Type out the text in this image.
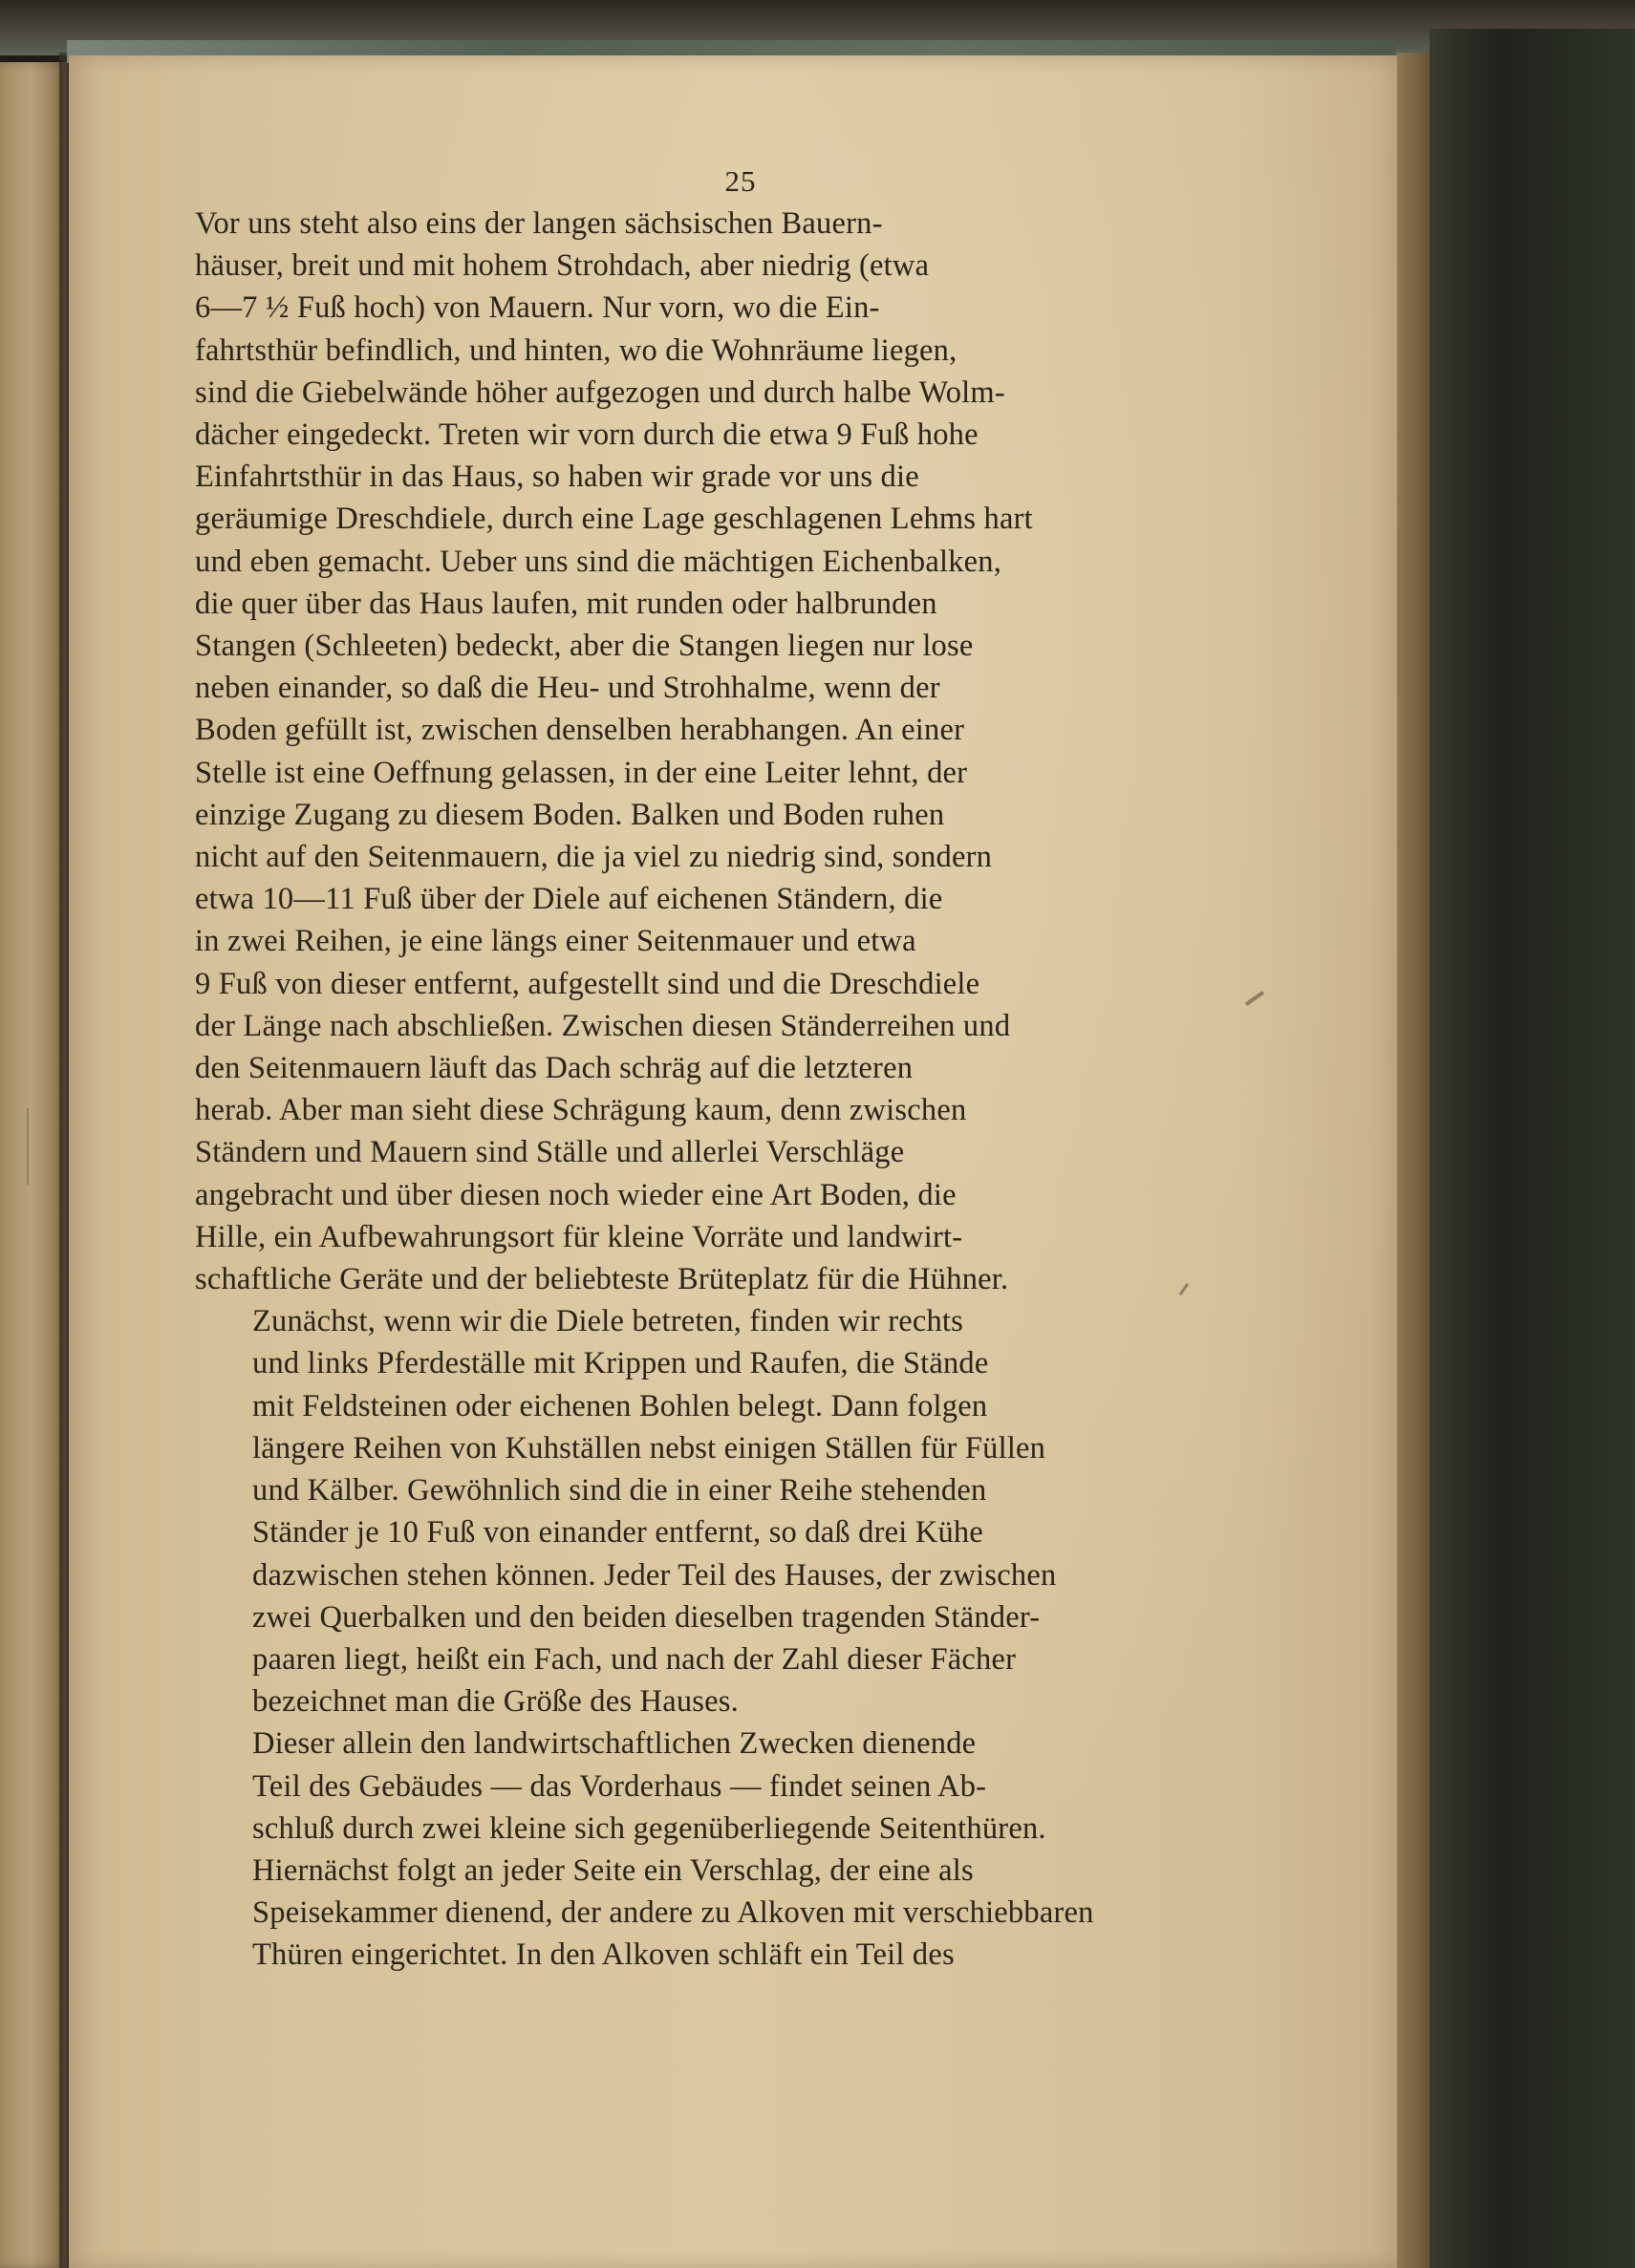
25

Vor uns steht also eins der langen sächsischen Bauern-
häuser, breit und mit hohem Strohdach, aber niedrig (etwa
6—7 ½ Fuß hoch) von Mauern. Nur vorn, wo die Ein-
fahrtsthür befindlich, und hinten, wo die Wohnräume liegen,
sind die Giebelwände höher aufgezogen und durch halbe Wolm-
dächer eingedeckt. Treten wir vorn durch die etwa 9 Fuß hohe
Einfahrtsthür in das Haus, so haben wir grade vor uns die
geräumige Dreschdiele, durch eine Lage geschlagenen Lehms hart
und eben gemacht. Ueber uns sind die mächtigen Eichenbalken,
die quer über das Haus laufen, mit runden oder halbrunden
Stangen (Schleeten) bedeckt, aber die Stangen liegen nur lose
neben einander, so daß die Heu- und Strohhalme, wenn der
Boden gefüllt ist, zwischen denselben herabhangen. An einer
Stelle ist eine Oeffnung gelassen, in der eine Leiter lehnt, der
einzige Zugang zu diesem Boden. Balken und Boden ruhen
nicht auf den Seitenmauern, die ja viel zu niedrig sind, sondern
etwa 10—11 Fuß über der Diele auf eichenen Ständern, die
in zwei Reihen, je eine längs einer Seitenmauer und etwa
9 Fuß von dieser entfernt, aufgestellt sind und die Dreschdiele
der Länge nach abschließen. Zwischen diesen Ständerreihen und
den Seitenmauern läuft das Dach schräg auf die letzteren
herab. Aber man sieht diese Schrägung kaum, denn zwischen
Ständern und Mauern sind Ställe und allerlei Verschläge
angebracht und über diesen noch wieder eine Art Boden, die
Hille, ein Aufbewahrungsort für kleine Vorräte und landwirt-
schaftliche Geräte und der beliebteste Brüteplatz für die Hühner.

Zunächst, wenn wir die Diele betreten, finden wir rechts
und links Pferdeställe mit Krippen und Raufen, die Stände
mit Feldsteinen oder eichenen Bohlen belegt. Dann folgen
längere Reihen von Kuhställen nebst einigen Ställen für Füllen
und Kälber. Gewöhnlich sind die in einer Reihe stehenden
Ständer je 10 Fuß von einander entfernt, so daß drei Kühe
dazwischen stehen können. Jeder Teil des Hauses, der zwischen
zwei Querbalken und den beiden dieselben tragenden Ständer-
paaren liegt, heißt ein Fach, und nach der Zahl dieser Fächer
bezeichnet man die Größe des Hauses.

Dieser allein den landwirtschaftlichen Zwecken dienende
Teil des Gebäudes — das Vorderhaus — findet seinen Ab-
schluß durch zwei kleine sich gegenüberliegende Seitenthüren.
Hiernächst folgt an jeder Seite ein Verschlag, der eine als
Speisekammer dienend, der andere zu Alkoven mit verschiebbaren
Thüren eingerichtet. In den Alkoven schläft ein Teil des
